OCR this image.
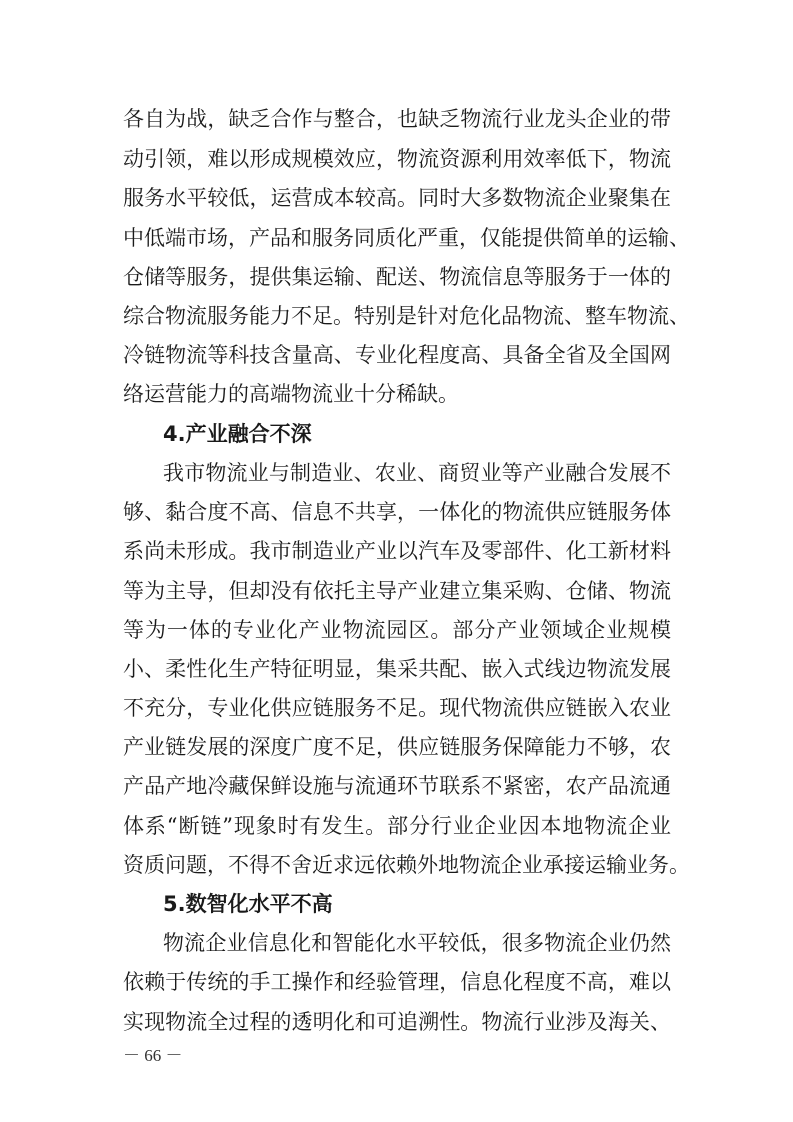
各自为战，缺乏合作与整合，也缺乏物流行业龙头企业的带
动引领，难以形成规模效应，物流资源利用效率低下，物流
服务水平较低，运营成本较高。同时大多数物流企业聚集在
中低端市场，产品和服务同质化严重，仅能提供简单的运输、
仓储等服务，提供集运输、配送、物流信息等服务于一体的
综合物流服务能力不足。特别是针对危化品物流、整车物流、
冷链物流等科技含量高、专业化程度高、具备全省及全国网
络运营能力的高端物流业十分稀缺。
4.产业融合不深
我市物流业与制造业、农业、商贸业等产业融合发展不
够、黏合度不高、信息不共享，一体化的物流供应链服务体
系尚未形成。我市制造业产业以汽车及零部件、化工新材料
等为主导，但却没有依托主导产业建立集采购、仓储、物流
等为一体的专业化产业物流园区。部分产业领域企业规模
小、柔性化生产特征明显，集采共配、嵌入式线边物流发展
不充分，专业化供应链服务不足。现代物流供应链嵌入农业
产业链发展的深度广度不足，供应链服务保障能力不够，农
产品产地冷藏保鲜设施与流通环节联系不紧密，农产品流通
体系“断链”现象时有发生。部分行业企业因本地物流企业
资质问题，不得不舍近求远依赖外地物流企业承接运输业务。
5.数智化水平不高
物流企业信息化和智能化水平较低，很多物流企业仍然
依赖于传统的手工操作和经验管理，信息化程度不高，难以
实现物流全过程的透明化和可追溯性。物流行业涉及海关、
－ 66 －
